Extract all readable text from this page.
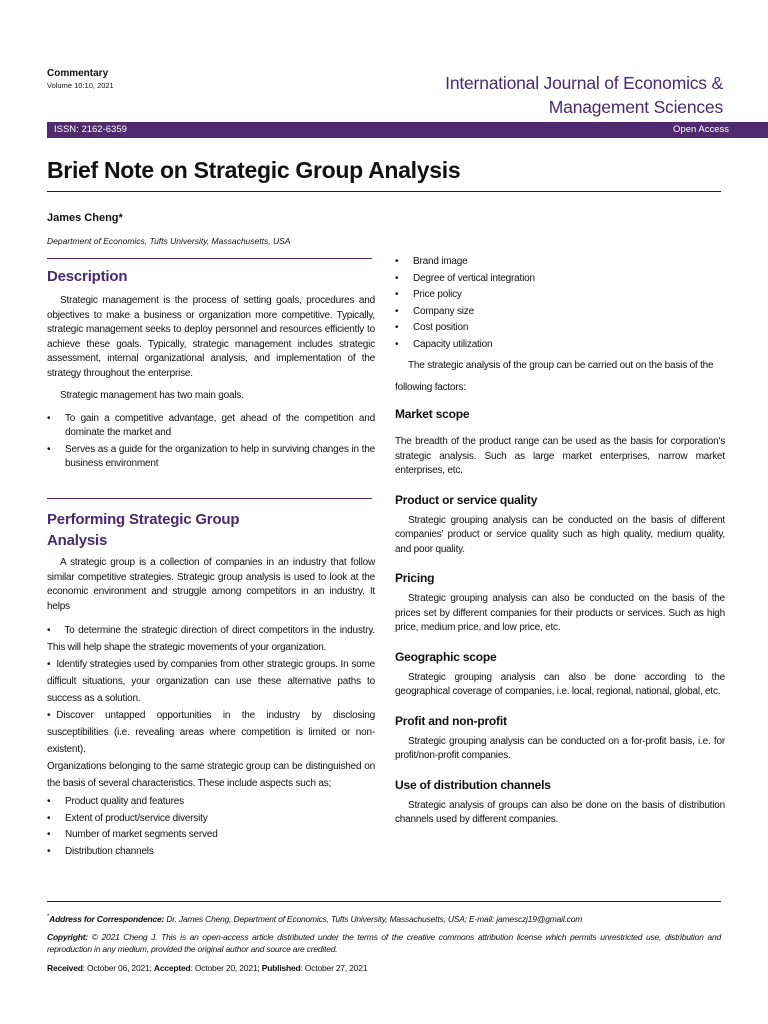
Commentary
Volume 10:10, 2021	International Journal of Economics &
Management Sciences
ISSN: 2162-6359	Open Access
Brief Note on Strategic Group Analysis
James Cheng*
Department of Economics, Tufts University, Massachusetts, USA
Description

Strategic management is the process of setting goals, procedures and objectives to make a business or organization more competitive. Typically, strategic management seeks to deploy personnel and resources efficiently to achieve these goals. Typically, strategic management includes strategic assessment, internal organizational analysis, and implementation of the strategy throughout the enterprise.

Strategic management has two main goals.

• To gain a competitive advantage, get ahead of the competition and dominate the market and
• Serves as a guide for the organization to help in surviving changes in the business environment
Performing Strategic Group
Analysis

A strategic group is a collection of companies in an industry that follow similar competitive strategies. Strategic group analysis is used to look at the economic environment and struggle among competitors in an industry. It helps

• To determine the strategic direction of direct competitors in the industry. This will help shape the strategic movements of your organization.
• Identify strategies used by companies from other strategic groups. In some difficult situations, your organization can use these alternative paths to success as a solution.
• Discover untapped opportunities in the industry by disclosing susceptibilities (i.e. revealing areas where competition is limited or non-existent).

Organizations belonging to the same strategic group can be distinguished on the basis of several characteristics. These include aspects such as;

• Product quality and features
• Extent of product/service diversity
• Number of market segments served
• Distribution channels
• Brand image
• Degree of vertical integration
• Price policy
• Company size
• Cost position
• Capacity utilization

The strategic analysis of the group can be carried out on the basis of the following factors:

Market scope

The breadth of the product range can be used as the basis for corporation's strategic analysis. Such as large market enterprises, narrow market enterprises, etc.

Product or service quality

Strategic grouping analysis can be conducted on the basis of different companies' product or service quality such as high quality, medium quality, and poor quality.

Pricing

Strategic grouping analysis can also be conducted on the basis of the prices set by different companies for their products or services. Such as high price, medium price, and low price, etc.

Geographic scope

Strategic grouping analysis can also be done according to the geographical coverage of companies, i.e. local, regional, national, global, etc.

Profit and non-profit

Strategic grouping analysis can be conducted on a for-profit basis, i.e. for profit/non-profit companies.

Use of distribution channels

Strategic analysis of groups can also be done on the basis of distribution channels used by different companies.

*Address for Correspondence: Dr. James Cheng, Department of Economics, Tufts University, Massachusetts, USA; E-mail: jamesczj19@gmail.com
Copyright: © 2021 Cheng J. This is an open-access article distributed under the terms of the creative commons attribution license which permits unrestricted use, distribution and reproduction in any medium, provided the original author and source are credited.
Received: October 06, 2021; Accepted: October 20, 2021; Published: October 27, 2021
